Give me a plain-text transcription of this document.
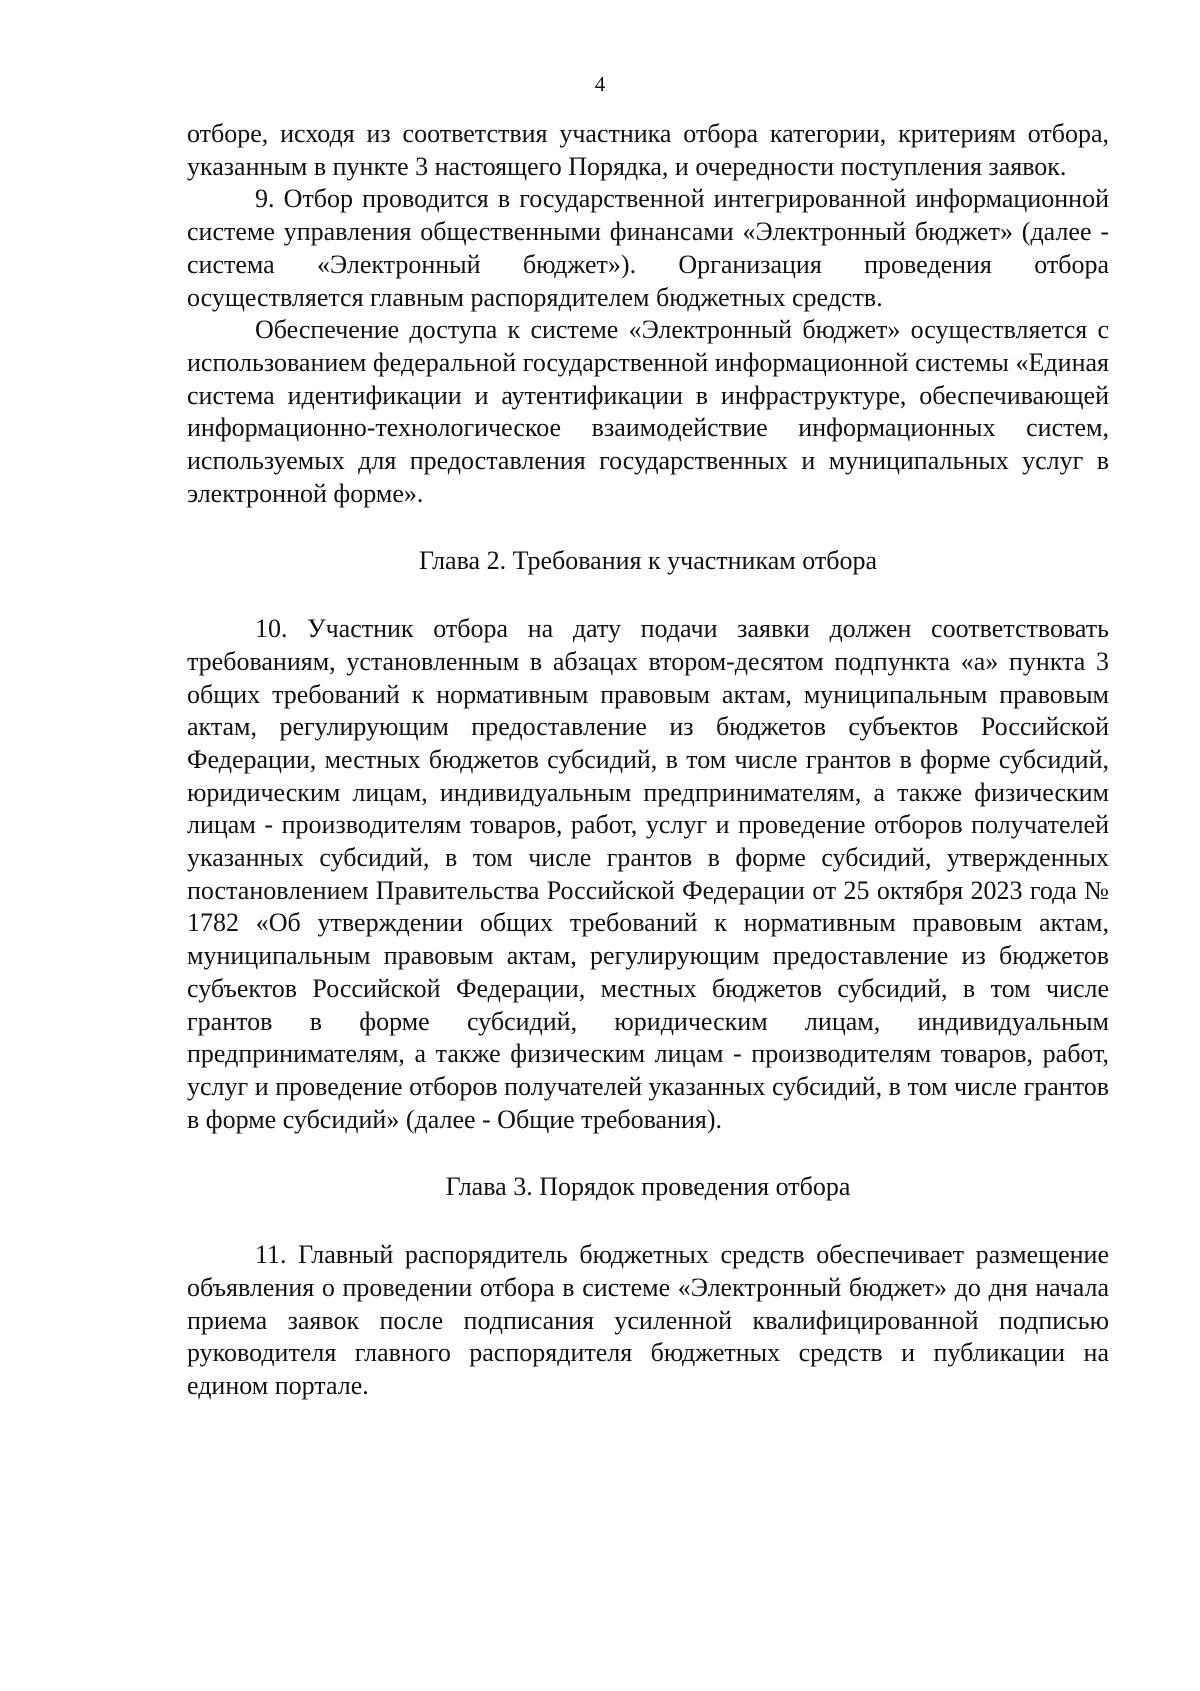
4

отборе, исходя из соответствия участника отбора категории, критериям отбора, указанным в пункте 3 настоящего Порядка, и очередности поступления заявок.

9. Отбор проводится в государственной интегрированной информационной системе управления общественными финансами «Электронный бюджет» (далее - система «Электронный бюджет»). Организация проведения отбора осуществляется главным распорядителем бюджетных средств.

Обеспечение доступа к системе «Электронный бюджет» осуществляется с использованием федеральной государственной информационной системы «Единая система идентификации и аутентификации в инфраструктуре, обеспечивающей информационно-технологическое взаимодействие информационных систем, используемых для предоставления государственных и муниципальных услуг в электронной форме».

Глава 2. Требования к участникам отбора

10. Участник отбора на дату подачи заявки должен соответствовать требованиям, установленным в абзацах втором-десятом подпункта «а» пункта 3 общих требований к нормативным правовым актам, муниципальным правовым актам, регулирующим предоставление из бюджетов субъектов Российской Федерации, местных бюджетов субсидий, в том числе грантов в форме субсидий, юридическим лицам, индивидуальным предпринимателям, а также физическим лицам - производителям товаров, работ, услуг и проведение отборов получателей указанных субсидий, в том числе грантов в форме субсидий, утвержденных постановлением Правительства Российской Федерации от 25 октября 2023 года № 1782 «Об утверждении общих требований к нормативным правовым актам, муниципальным правовым актам, регулирующим предоставление из бюджетов субъектов Российской Федерации, местных бюджетов субсидий, в том числе грантов в форме субсидий, юридическим лицам, индивидуальным предпринимателям, а также физическим лицам - производителям товаров, работ, услуг и проведение отборов получателей указанных субсидий, в том числе грантов в форме субсидий» (далее - Общие требования).

Глава 3. Порядок проведения отбора

11. Главный распорядитель бюджетных средств обеспечивает размещение объявления о проведении отбора в системе «Электронный бюджет» до дня начала приема заявок после подписания усиленной квалифицированной подписью руководителя главного распорядителя бюджетных средств и публикации на едином портале.
